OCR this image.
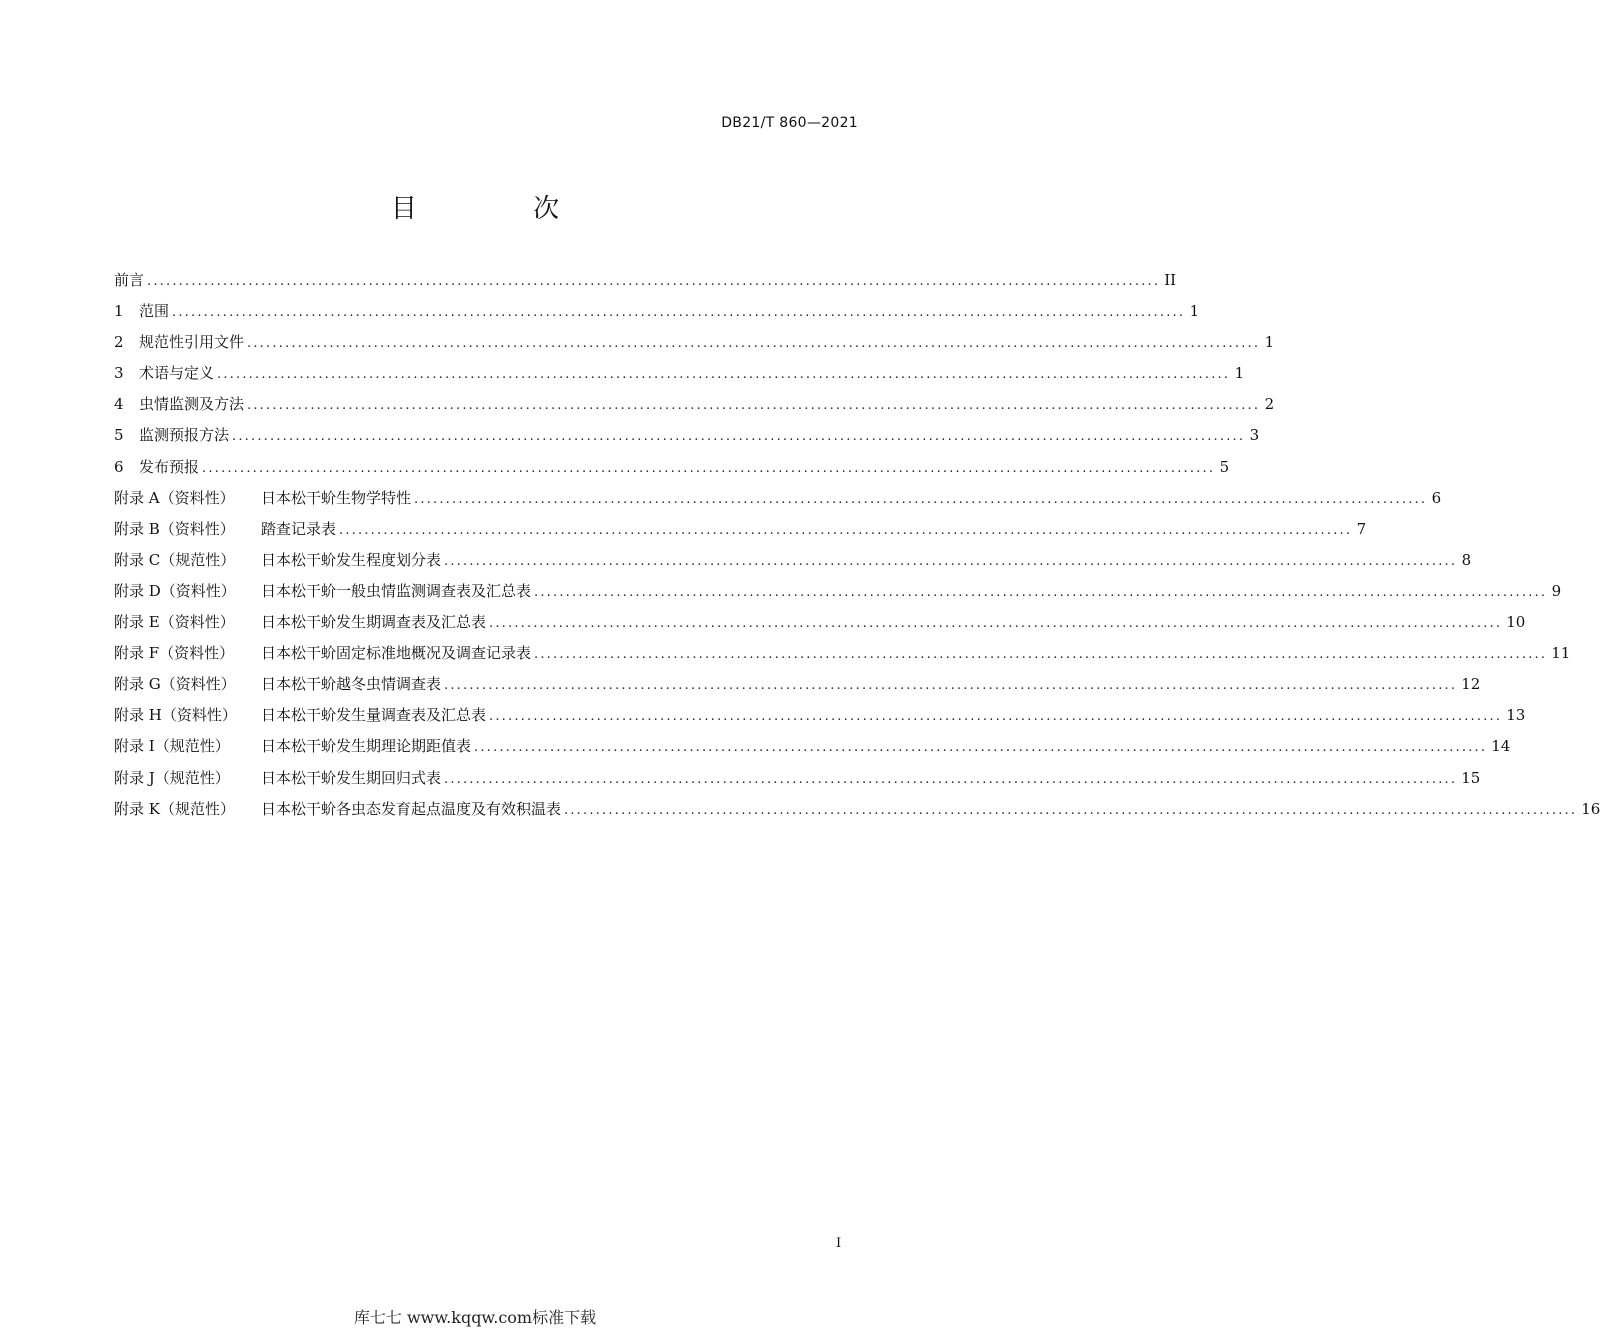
DB21/T 860—2021
目 次
前言 ................................................................................................................................................................ II
1	范围 ................................................................................................................................................................ 1
2	规范性引用文件 ................................................................................................................................................................ 1
3	术语与定义 ................................................................................................................................................................ 1
4	虫情监测及方法 ................................................................................................................................................................ 2
5	监测预报方法 ................................................................................................................................................................ 3
6	发布预报 ................................................................................................................................................................ 5
附录 A（资料性）	日本松干蚧生物学特性 ................................................................................................................................................................ 6
附录 B（资料性）	踏查记录表 ................................................................................................................................................................ 7
附录 C（规范性）	日本松干蚧发生程度划分表 ................................................................................................................................................................ 8
附录 D（资料性）	日本松干蚧一般虫情监测调查表及汇总表 ................................................................................................................................................................ 9
附录 E（资料性）	日本松干蚧发生期调查表及汇总表 ................................................................................................................................................................ 10
附录 F（资料性）	日本松干蚧固定标准地概况及调查记录表 ................................................................................................................................................................ 11
附录 G（资料性）	日本松干蚧越冬虫情调查表 ................................................................................................................................................................ 12
附录 H（资料性）	日本松干蚧发生量调查表及汇总表 ................................................................................................................................................................ 13
附录 I（规范性）	日本松干蚧发生期理论期距值表 ................................................................................................................................................................ 14
附录 J（规范性）	日本松干蚧发生期回归式表 ................................................................................................................................................................ 15
附录 K（规范性）	日本松干蚧各虫态发育起点温度及有效积温表 ................................................................................................................................................................ 16
I
库七七 www.kqqw.com标准下载
